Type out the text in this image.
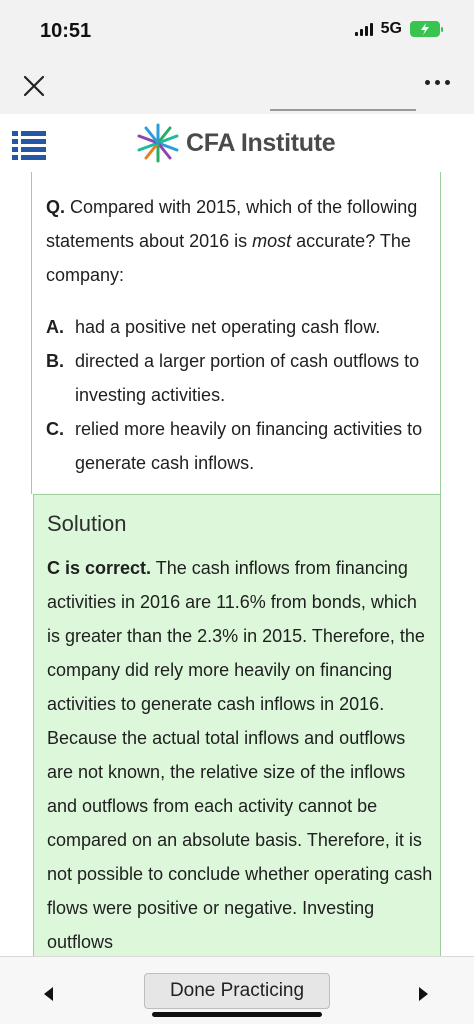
10:51	5G
CFA Institute
Q. Compared with 2015, which of the following statements about 2016 is most accurate? The company:
A. had a positive net operating cash flow.
B. directed a larger portion of cash outflows to investing activities.
C. relied more heavily on financing activities to generate cash inflows.
Solution
C is correct. The cash inflows from financing activities in 2016 are 11.6% from bonds, which is greater than the 2.3% in 2015. Therefore, the company did rely more heavily on financing activities to generate cash inflows in 2016. Because the actual total inflows and outflows are not known, the relative size of the inflows and outflows from each activity cannot be compared on an absolute basis. Therefore, it is not possible to conclude whether operating cash flows were positive or negative. Investing outflows
Done Practicing
